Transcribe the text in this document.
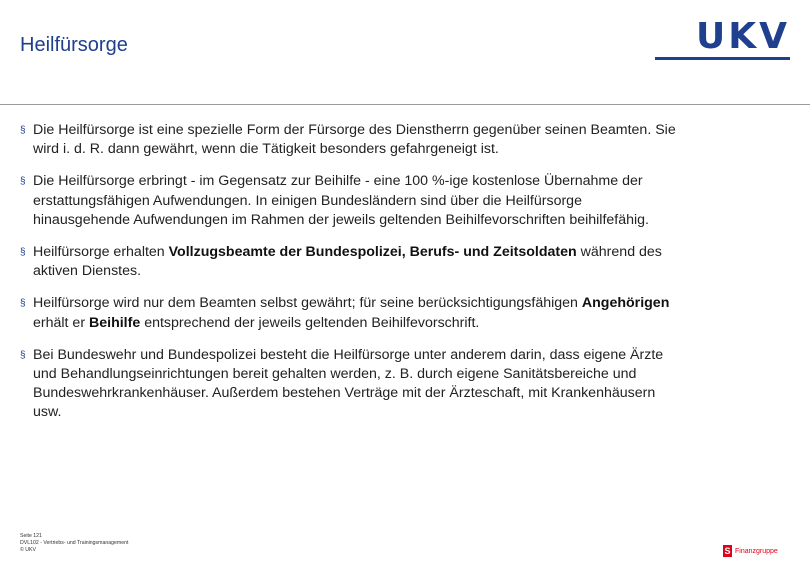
Heilfürsorge	UKV
§ Die Heilfürsorge ist eine spezielle Form der Fürsorge des Dienstherrn gegenüber seinen Beamten. Sie wird i. d. R. dann gewährt, wenn die Tätigkeit besonders gefahrgeneigt ist.
§ Die Heilfürsorge erbringt - im Gegensatz zur Beihilfe - eine 100 %-ige kostenlose Übernahme der erstattungsfähigen Aufwendungen. In einigen Bundesländern sind über die Heilfürsorge hinausgehende Aufwendungen im Rahmen der jeweils geltenden Beihilfevorschriften beihilfefähig.
§ Heilfürsorge erhalten Vollzugsbeamte der Bundespolizei, Berufs- und Zeitsoldaten während des aktiven Dienstes.
§ Heilfürsorge wird nur dem Beamten selbst gewährt; für seine berücksichtigungsfähigen Angehörigen erhält er Beihilfe entsprechend der jeweils geltenden Beihilfevorschrift.
§ Bei Bundeswehr und Bundespolizei besteht die Heilfürsorge unter anderem darin, dass eigene Ärzte und Behandlungseinrichtungen bereit gehalten werden, z. B. durch eigene Sanitätsbereiche und Bundeswehrkrankenhäuser. Außerdem bestehen Verträge mit der Ärzteschaft, mit Krankenhäusern usw.
Seite 121
DVL102 - Vertriebs- und Trainingsmanagement
© UKV	S Finanzgruppe
